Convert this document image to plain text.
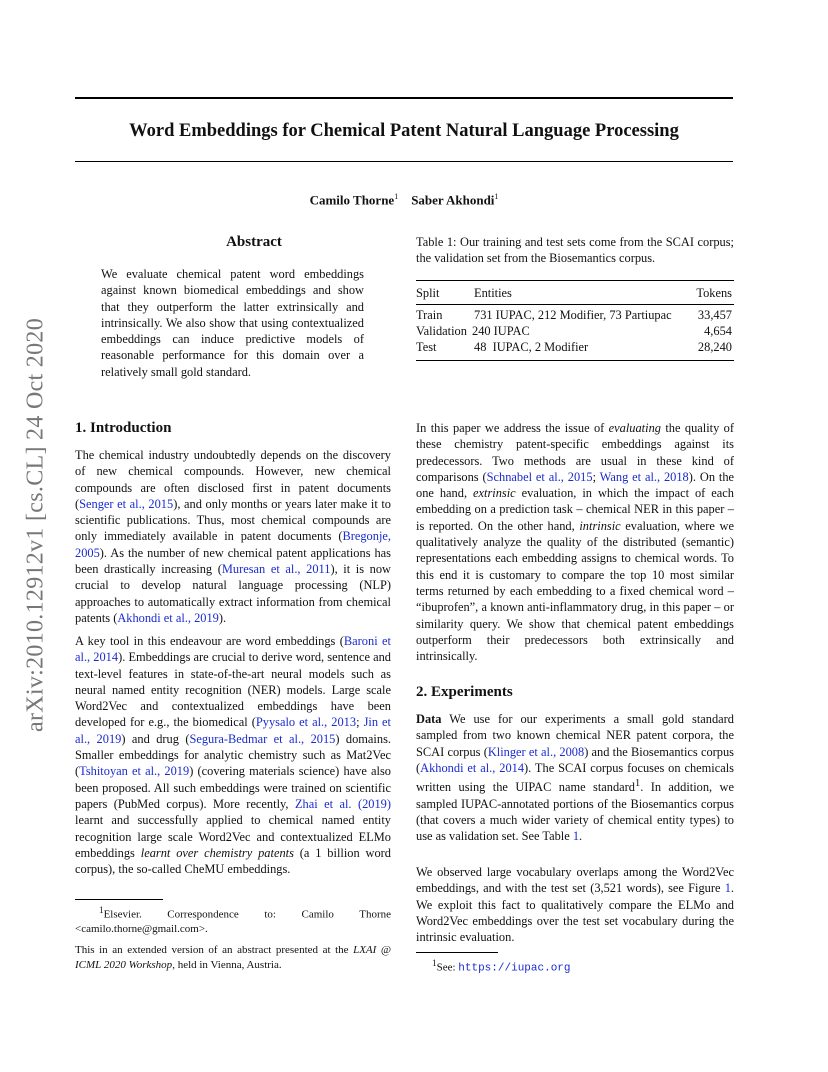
Word Embeddings for Chemical Patent Natural Language Processing
Camilo Thorne$^1$ Saber Akhondi$^1$
arXiv:2010.12912v1 [cs.CL] 24 Oct 2020
Abstract

We evaluate chemical patent word embeddings against known biomedical embeddings and show that they outperform the latter extrinsically and intrinsically. We also show that using contextualized embeddings can induce predictive models of reasonable performance for this domain over a relatively small gold standard.

1. Introduction

The chemical industry undoubtedly depends on the discovery of new chemical compounds. However, new chemical compounds are often disclosed first in patent documents (Senger et al., 2015), and only months or years later make it to scientific publications. Thus, most chemical compounds are only immediately available in patent documents (Bregonje, 2005). As the number of new chemical patent applications has been drastically increasing (Muresan et al., 2011), it is now crucial to develop natural language processing (NLP) approaches to automatically extract information from chemical patents (Akhondi et al., 2019).

A key tool in this endeavour are word embeddings (Baroni et al., 2014). Embeddings are crucial to derive word, sentence and text-level features in state-of-the-art neural models such as neural named entity recognition (NER) models. Large scale Word2Vec and contextualized embeddings have been developed for e.g., the biomedical (Pyysalo et al., 2013; Jin et al., 2019) and drug (Segura-Bedmar et al., 2015) domains. Smaller embeddings for analytic chemistry such as Mat2Vec (Tshitoyan et al., 2019) (covering materials science) have also been proposed. All such embeddings were trained on scientific papers (PubMed corpus). More recently, Zhai et al. (2019) learnt and successfully applied to chemical named entity recognition large scale Word2Vec and contextualized ELMo embeddings learnt over chemistry patents (a 1 billion word corpus), the so-called CheMU embeddings.

$^1$Elsevier. Correspondence to: Camilo Thorne <camilo.thorne@gmail.com>.
This in an extended version of an abstract presented at the LXAI @ ICML 2020 Workshop, held in Vienna, Austria.
Table 1: Our training and test sets come from the SCAI corpus; the validation set from the Biosemantics corpus.
Split	Entities	Tokens
Train	731 IUPAC, 212 Modifier, 73 Partiupac 33,457
Validation 240 IUPAC	4,654
Test	48  IUPAC, 2 Modifier	28,240

In this paper we address the issue of evaluating the quality of these chemistry patent-specific embeddings against its predecessors. Two methods are usual in these kind of comparisons (Schnabel et al., 2015; Wang et al., 2018). On the one hand, extrinsic evaluation, in which the impact of each embedding on a prediction task – chemical NER in this paper – is reported. On the other hand, intrinsic evaluation, where we qualitatively analyze the quality of the distributed (semantic) representations each embedding assigns to chemical words. To this end it is customary to compare the top 10 most similar terms returned by each embedding to a fixed chemical word – “ibuprofen”, a known anti-inflammatory drug, in this paper – or similarity query. We show that chemical patent embeddings outperform their predecessors both extrinsically and intrinsically.

2. Experiments

Data We use for our experiments a small gold standard sampled from two known chemical NER patent corpora, the SCAI corpus (Klinger et al., 2008) and the Biosemantics corpus (Akhondi et al., 2014). The SCAI corpus focuses on chemicals written using the UIPAC name standard$^1$. In addition, we sampled IUPAC-annotated portions of the Biosemantics corpus (that covers a much wider variety of chemical entity types) to use as validation set. See Table 1.

We observed large vocabulary overlaps among the Word2Vec embeddings, and with the test set (3,521 words), see Figure 1. We exploit this fact to qualitatively compare the ELMo and Word2Vec embeddings over the test set vocabulary during the intrinsic evaluation.

$^1$See: https://iupac.org
